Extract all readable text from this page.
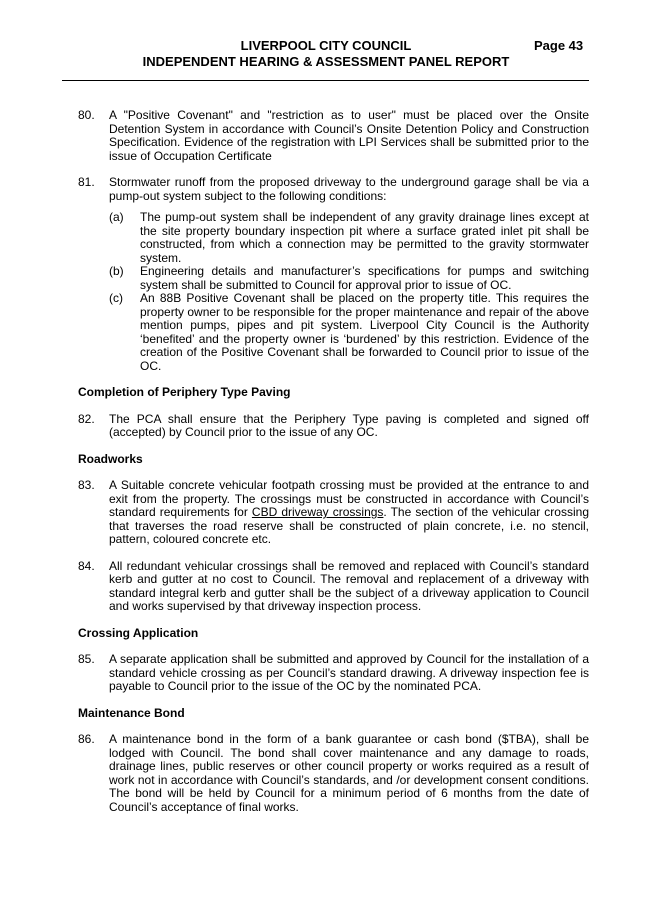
LIVERPOOL CITY COUNCIL	Page 43
INDEPENDENT HEARING & ASSESSMENT PANEL REPORT
80.	A "Positive Covenant" and "restriction as to user" must be placed over the Onsite Detention System in accordance with Council’s Onsite Detention Policy and Construction Specification. Evidence of the registration with LPI Services shall be submitted prior to the issue of Occupation Certificate
81.	Stormwater runoff from the proposed driveway to the underground garage shall be via a pump-out system subject to the following conditions:
(a)	The pump-out system shall be independent of any gravity drainage lines except at the site property boundary inspection pit where a surface grated inlet pit shall be constructed, from which a connection may be permitted to the gravity stormwater system.
(b)	Engineering details and manufacturer’s specifications for pumps and switching system shall be submitted to Council for approval prior to issue of OC.
(c)	An 88B Positive Covenant shall be placed on the property title. This requires the property owner to be responsible for the proper maintenance and repair of the above mention pumps, pipes and pit system. Liverpool City Council is the Authority ‘benefited’ and the property owner is ‘burdened’ by this restriction. Evidence of the creation of the Positive Covenant shall be forwarded to Council prior to issue of the OC.
Completion of Periphery Type Paving
82.	The PCA shall ensure that the Periphery Type paving is completed and signed off (accepted) by Council prior to the issue of any OC.
Roadworks
83.	A Suitable concrete vehicular footpath crossing must be provided at the entrance to and exit from the property. The crossings must be constructed in accordance with Council’s standard requirements for CBD driveway crossings. The section of the vehicular crossing that traverses the road reserve shall be constructed of plain concrete, i.e. no stencil, pattern, coloured concrete etc.
84.	All redundant vehicular crossings shall be removed and replaced with Council’s standard kerb and gutter at no cost to Council. The removal and replacement of a driveway with standard integral kerb and gutter shall be the subject of a driveway application to Council and works supervised by that driveway inspection process.
Crossing Application
85.	A separate application shall be submitted and approved by Council for the installation of a standard vehicle crossing as per Council’s standard drawing. A driveway inspection fee is payable to Council prior to the issue of the OC by the nominated PCA.
Maintenance Bond
86.	A maintenance bond in the form of a bank guarantee or cash bond ($TBA), shall be lodged with Council. The bond shall cover maintenance and any damage to roads, drainage lines, public reserves or other council property or works required as a result of work not in accordance with Council’s standards, and /or development consent conditions. The bond will be held by Council for a minimum period of 6 months from the date of Council’s acceptance of final works.
